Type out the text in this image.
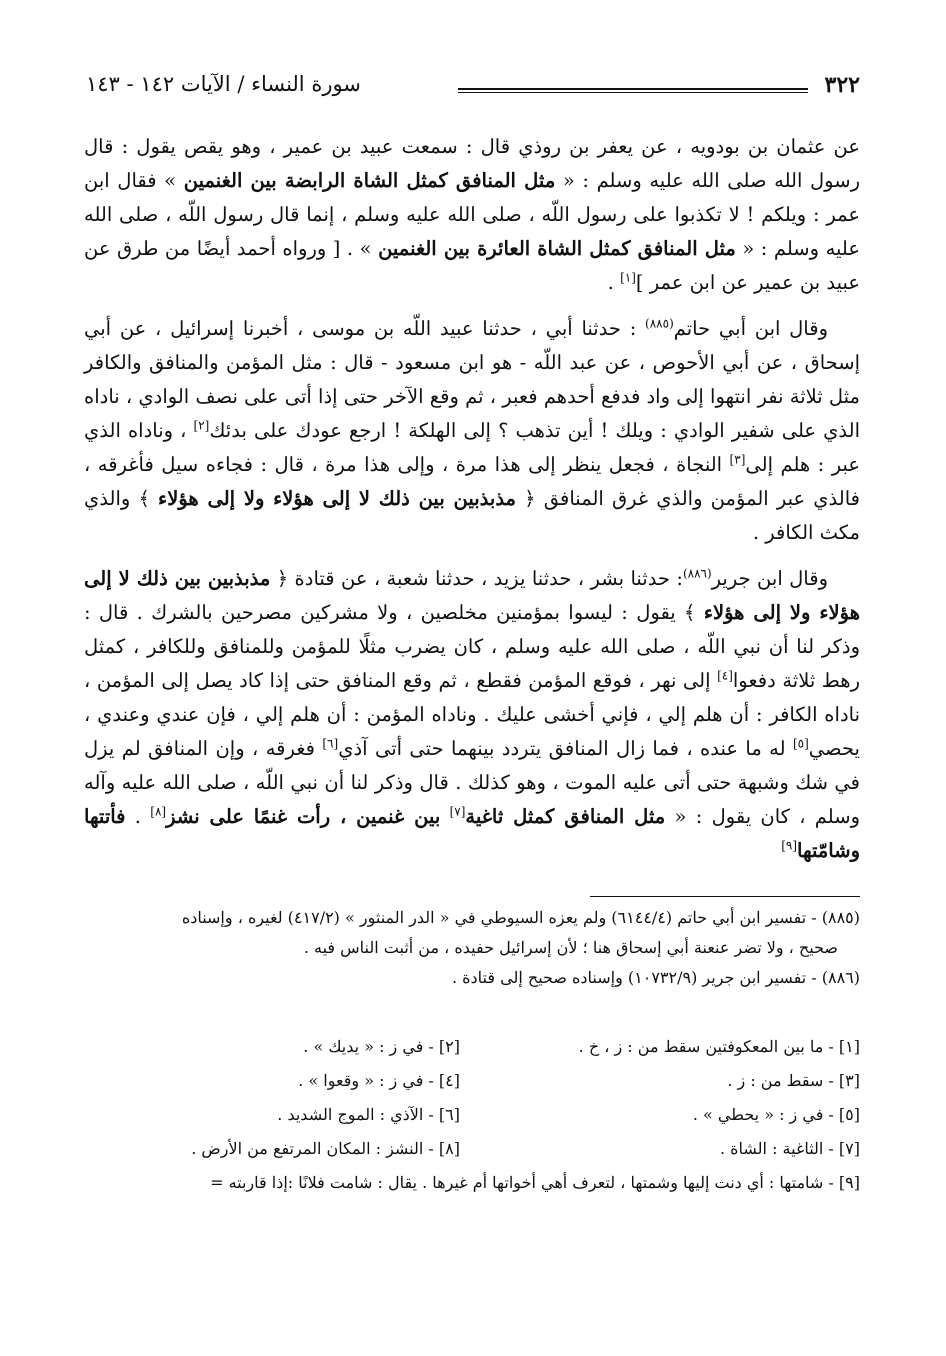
٣٢٢
سورة النساء / الآيات ١٤٢ - ١٤٣

عن عثمان بن بودويه ، عن يعفر بن روذي قال : سمعت عبيد بن عمير ، وهو يقص يقول : قال رسول الله صلى الله عليه وسلم : « مثل المنافق كمثل الشاة الرابضة بين الغنمين » فقال ابن عمر : ويلكم ! لا تكذبوا على رسول اللّه ، صلى الله عليه وسلم ، إنما قال رسول اللّه ، صلى الله عليه وسلم : « مثل المنافق كمثل الشاة العائرة بين الغنمين » . [ ورواه أحمد أيضًا من طرق عن عبيد بن عمير عن ابن عمر ][١] .

وقال ابن أبي حاتم$^{(٨٨٥)}$ : حدثنا أبي ، حدثنا عبيد اللّه بن موسى ، أخبرنا إسرائيل ، عن أبي إسحاق ، عن أبي الأحوص ، عن عبد اللّه - هو ابن مسعود - قال : مثل المؤمن والمنافق والكافر مثل ثلاثة نفر انتهوا إلى واد فدفع أحدهم فعبر ، ثم وقع الآخر حتى إذا أتى على نصف الوادي ، ناداه الذي على شفير الوادي : ويلك ! أين تذهب ؟ إلى الهلكة ! ارجع عودك على بدئك[٢] ، وناداه الذي عبر : هلم إلى[٣] النجاة ، فجعل ينظر إلى هذا مرة ، وإلى هذا مرة ، قال : فجاءه سيل فأغرقه ، فالذي عبر المؤمن والذي غرق المنافق ﴿ مذبذبين بين ذلك لا إلى هؤلاء ولا إلى هؤلاء ﴾ والذي مكث الكافر .

وقال ابن جرير$^{(٨٨٦)}$: حدثنا بشر ، حدثنا يزيد ، حدثنا شعبة ، عن قتادة ﴿ مذبذبين بين ذلك لا إلى هؤلاء ولا إلى هؤلاء ﴾ يقول : ليسوا بمؤمنين مخلصين ، ولا مشركين مصرحين بالشرك . قال : وذكر لنا أن نبي اللّه ، صلى الله عليه وسلم ، كان يضرب مثلًا للمؤمن وللمنافق وللكافر ، كمثل رهط ثلاثة دفعوا[٤] إلى نهر ، فوقع المؤمن فقطع ، ثم وقع المنافق حتى إذا كاد يصل إلى المؤمن ، ناداه الكافر : أن هلم إلي ، فإني أخشى عليك . وناداه المؤمن : أن هلم إلي ، فإن عندي وعندي ، يحصي[٥] له ما عنده ، فما زال المنافق يتردد بينهما حتى أتى آذي[٦] فغرقه ، وإن المنافق لم يزل في شك وشبهة حتى أتى عليه الموت ، وهو كذلك . قال وذكر لنا أن نبي اللّه ، صلى الله عليه وآله وسلم ، كان يقول : « مثل المنافق كمثل ثاغية[٧] بين غنمين ، رأت غنمًا على نشز[٨] . فأتتها وشامّتها[٩]

(٨٨٥) - تفسير ابن أبي حاتم (٦١٤٤/٤) ولم يعزه السيوطي في « الدر المنثور » (٤١٧/٢) لغيره ، وإسناده

صحيح ، ولا تضر عنعنة أبي إسحاق هنا ؛ لأن إسرائيل حفيده ، من أثبت الناس فيه .

(٨٨٦) - تفسير ابن جرير (١٠٧٣٢/٩) وإسناده صحيح إلى قتادة .

[١] - ما بين المعكوفتين سقط من : ز ، خ .
[٢] - في ز : « يديك » .
[٣] - سقط من : ز .
[٤] - في ز : « وقعوا » .
[٥] - في ز : « يحطي » .
[٦] - الآذي : الموج الشديد .
[٧] - الثاغية : الشاة .
[٨] - النشز : المكان المرتفع من الأرض .
[٩] - شامتها : أي دنت إليها وشمتها ، لتعرف أهي أخواتها أم غيرها . يقال : شامت فلانًا :إذا قاربته =
